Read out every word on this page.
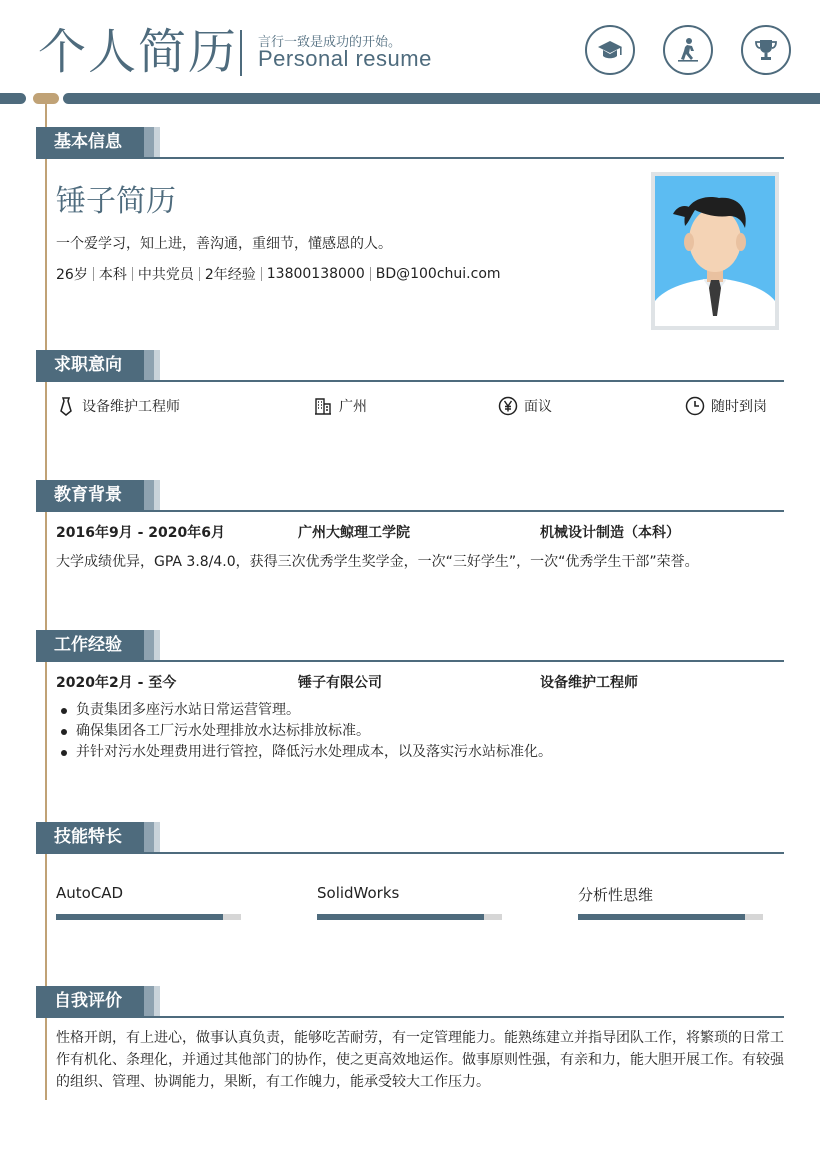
个人简历 言行一致是成功的开始。
Personal resume
基本信息
锤子简历
一个爱学习，知上进，善沟通，重细节，懂感恩的人。
26岁 本科 中共党员 2年经验 13800138000 BD@100chui.com
求职意向
设备维护工程师	广州	面议	随时到岗
教育背景
2016年9月 - 2020年6月	广州大鲸理工学院	机械设计制造（本科）
大学成绩优异，GPA 3.8/4.0，获得三次优秀学生奖学金，一次“三好学生”，一次“优秀学生干部”荣誉。
工作经验
2020年2月 - 至今	锤子有限公司	设备维护工程师
负责集团多座污水站日常运营管理。
确保集团各工厂污水处理排放水达标排放标准。
并针对污水处理费用进行管控，降低污水处理成本，以及落实污水站标准化。
技能特长
AutoCAD	SolidWorks	分析性思维
自我评价
性格开朗，有上进心，做事认真负责，能够吃苦耐劳，有一定管理能力。能熟练建立并指导团队工作，将繁琐的日常工作有机化、条理化，并通过其他部门的协作，使之更高效地运作。做事原则性强，有亲和力，能大胆开展工作。有较强的组织、管理、协调能力，果断，有工作魄力，能承受较大工作压力。
